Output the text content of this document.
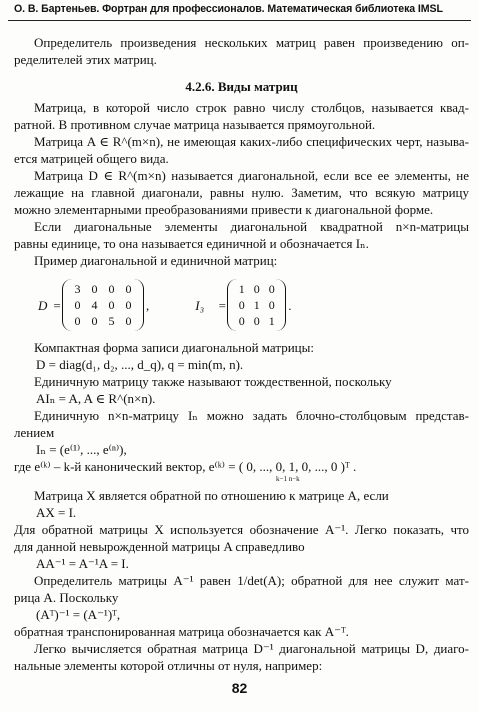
О. В. Бартеньев. Фортран для профессионалов. Математическая библиотека IMSL
Определитель произведения нескольких матриц равен произведению оп-
ределителей этих матриц.
4.2.6. Виды матриц
Матрица, в которой число строк равно числу столбцов, называется квад-
ратной. В противном случае матрица называется прямоугольной.
Матрица A ∈ R^(m×n), не имеющая каких-либо специфических черт, называ-
ется матрицей общего вида.
Матрица D ∈ R^(m×n) называется диагональной, если все ее элементы, не
лежащие на главной диагонали, равны нулю. Заметим, что всякую матрицу
можно элементарными преобразованиями привести к диагональной форме.
Если диагональные элементы диагональной квадратной n×n-матрицы
равны единице, то она называется единичной и обозначается Iₙ.
Пример диагональной и единичной матриц:
D =
3	0	0	0
0	4	0	0
0	0	5	0
,	I₃	=
1	0	0
0	1	0
0	0	1
.
Компактная форма записи диагональной матрицы:
D = diag(d₁, d₂, ..., d_q), q = min(m, n).
Единичную матрицу также называют тождественной, поскольку
AIₙ = A, A ∈ R^(n×n).
Единичную n×n-матрицу Iₙ можно задать блочно-столбцовым представ-
лением
Iₙ = (e⁽¹⁾, ..., e⁽ⁿ⁾),
где e⁽ᵏ⁾ – k-й канонический вектор, e⁽ᵏ⁾ = ( 0, ..., 0, 1, 0, ..., 0 )ᵀ .
k−1 n−k
Матрица X является обратной по отношению к матрице A, если
AX = I.
Для обратной матрицы X используется обозначение A⁻¹. Легко показать, что
для данной невырожденной матрицы A справедливо
AA⁻¹ = A⁻¹A = I.
Определитель матрицы A⁻¹ равен 1/det(A); обратной для нее служит мат-
рица A. Поскольку
(Aᵀ)⁻¹ = (A⁻¹)ᵀ,
обратная транспонированная матрица обозначается как A⁻ᵀ.
Легко вычисляется обратная матрица D⁻¹ диагональной матрицы D, диаго-
нальные элементы которой отличны от нуля, например:
82
